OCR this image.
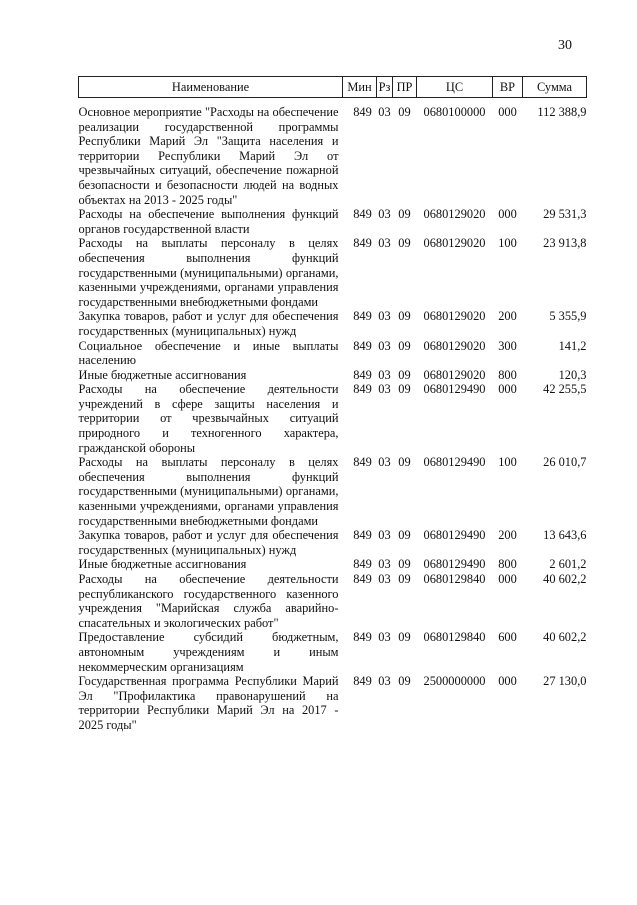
30
Наименование	Мин	Рз	ПР	ЦС	ВР	Сумма
Основное мероприятие "Расходы на обеспечение реализации государственной программы Республики Марий Эл "Защита населения и территории Республики Марий Эл от чрезвычайных ситуаций, обеспечение пожарной безопасности и безопасности людей на водных объектах на 2013 - 2025 годы"	849	03	09	0680100000	000	112 388,9
Расходы на обеспечение выполнения функций органов государственной власти	849	03	09	0680129020	000	29 531,3
Расходы на выплаты персоналу в целях обеспечения выполнения функций государственными (муниципальными) органами, казенными учреждениями, органами управления государственными внебюджетными фондами	849	03	09	0680129020	100	23 913,8
Закупка товаров, работ и услуг для обеспечения государственных (муниципальных) нужд	849	03	09	0680129020	200	5 355,9
Социальное обеспечение и иные выплаты населению	849	03	09	0680129020	300	141,2
Иные бюджетные ассигнования	849	03	09	0680129020	800	120,3
Расходы на обеспечение деятельности учреждений в сфере защиты населения и территории от чрезвычайных ситуаций природного и техногенного характера, гражданской обороны	849	03	09	0680129490	000	42 255,5
Расходы на выплаты персоналу в целях обеспечения выполнения функций государственными (муниципальными) органами, казенными учреждениями, органами управления государственными внебюджетными фондами	849	03	09	0680129490	100	26 010,7
Закупка товаров, работ и услуг для обеспечения государственных (муниципальных) нужд	849	03	09	0680129490	200	13 643,6
Иные бюджетные ассигнования	849	03	09	0680129490	800	2 601,2
Расходы на обеспечение деятельности республиканского государственного казенного учреждения "Марийская служба аварийно-спасательных и экологических работ"	849	03	09	0680129840	000	40 602,2
Предоставление субсидий бюджетным, автономным учреждениям и иным некоммерческим организациям	849	03	09	0680129840	600	40 602,2
Государственная программа Республики Марий Эл "Профилактика правонарушений на территории Республики Марий Эл на 2017 - 2025 годы"	849	03	09	2500000000	000	27 130,0
